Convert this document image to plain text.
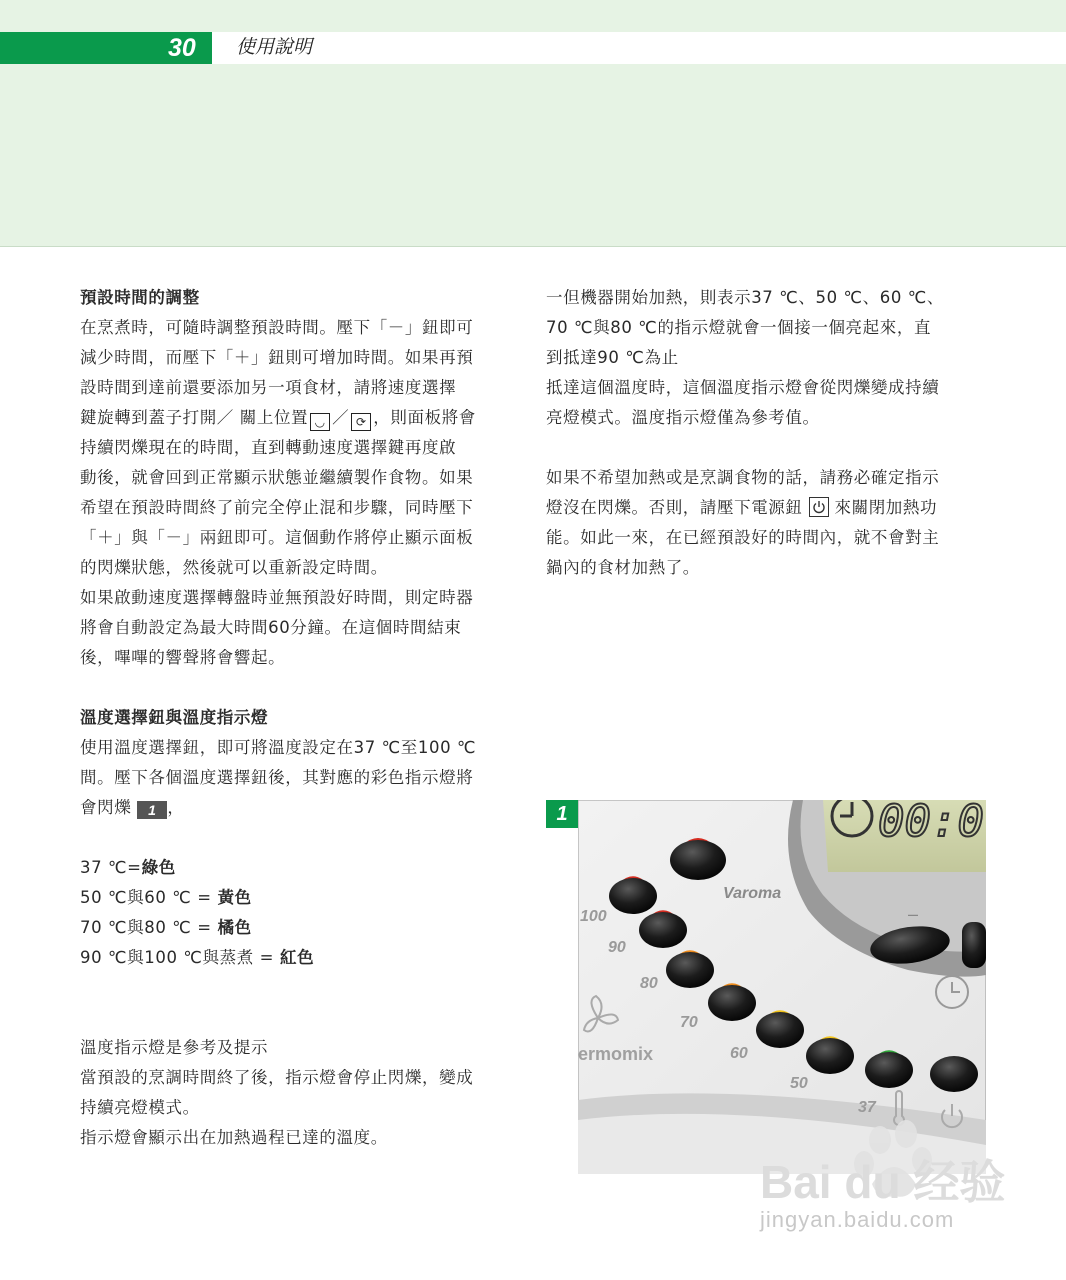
30 使用說明

預設時間的調整

在烹煮時，可隨時調整預設時間。壓下「－」鈕即可

減少時間，而壓下「＋」鈕則可增加時間。如果再預

設時間到達前還要添加另一項食材，請將速度選擇

鍵旋轉到蓋子打開／ 關上位置 ◡ ／ ⟳ ，則面板將會

持續閃爍現在的時間，直到轉動速度選擇鍵再度啟

動後，就會回到正常顯示狀態並繼續製作食物。如果

希望在預設時間終了前完全停止混和步驟，同時壓下

「＋」與「－」兩鈕即可。這個動作將停止顯示面板

的閃爍狀態，然後就可以重新設定時間。

如果啟動速度選擇轉盤時並無預設好時間，則定時器

將會自動設定為最大時間60分鐘。在這個時間結束

後，嗶嗶的響聲將會響起。

溫度選擇鈕與溫度指示燈

使用溫度選擇鈕，即可將溫度設定在37 ℃至100 ℃

間。壓下各個溫度選擇鈕後，其對應的彩色指示燈將

會閃爍 1 ，

37 ℃=綠色

50 ℃與60 ℃ = 黃色

70 ℃與80 ℃ = 橘色

90 ℃與100 ℃與蒸煮 = 紅色

溫度指示燈是參考及提示

當預設的烹調時間終了後，指示燈會停止閃爍，變成

持續亮燈模式。

指示燈會顯示出在加熱過程已達的溫度。

一但機器開始加熱，則表示37 ℃、50 ℃、60 ℃、

70 ℃與80 ℃的指示燈就會一個接一個亮起來，直

到抵達90 ℃為止

抵達這個溫度時，這個溫度指示燈會從閃爍變成持續

亮燈模式。溫度指示燈僅為參考值。

如果不希望加熱或是烹調食物的話，請務必確定指示

燈沒在閃爍。否則，請壓下電源鈕 來關閉加熱功

能。如此一來，在已經預設好的時間內，就不會對主

鍋內的食材加熱了。

1	00:0
Varoma
–
100
90
80
70
60
50
37
ermomix
Bai du 经验
jingyan.baidu.com
